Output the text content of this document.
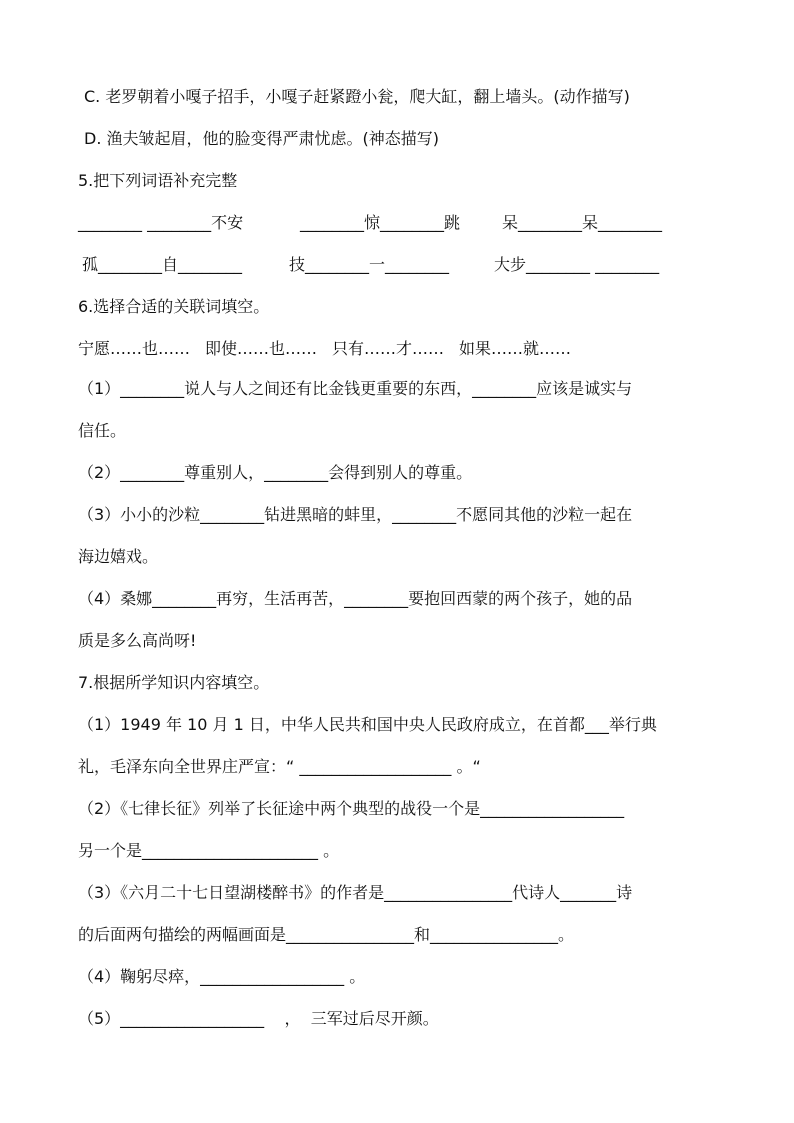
C. 老罗朝着小嘎子招手，小嘎子赶紧蹬小瓮，爬大缸，翻上墙头。(动作描写)
D. 渔夫皱起眉，他的脸变得严肃忧虑。(神态描写)
5.把下列词语补充完整
________ ________不安	________惊________跳	呆________呆________
孤________自________	技________一________	大步________ ________
6.选择合适的关联词填空。
宁愿……也…… 即使……也…… 只有……才…… 如果……就……
（1）________说人与人之间还有比金钱更重要的东西，________应该是诚实与
信任。
（2）________尊重别人，________会得到别人的尊重。
（3）小小的沙粒________钻进黑暗的蚌里，________不愿同其他的沙粒一起在
海边嬉戏。
（4）桑娜________再穷，生活再苦，________要抱回西蒙的两个孩子，她的品
质是多么高尚呀!
7.根据所学知识内容填空。
（1）1949 年 10 月 1 日，中华人民共和国中央人民政府成立，在首都___举行典
礼，毛泽东向全世界庄严宣：“ ___________________ 。“
（2）《七律长征》列举了长征途中两个典型的战役一个是__________________
另一个是______________________ 。
（3）《六月二十七日望湖楼醉书》的作者是________________代诗人_______诗
的后面两句描绘的两幅画面是________________和________________。
（4）鞠躬尽瘁，__________________ 。
（5）__________________    ，  三军过后尽开颜。
